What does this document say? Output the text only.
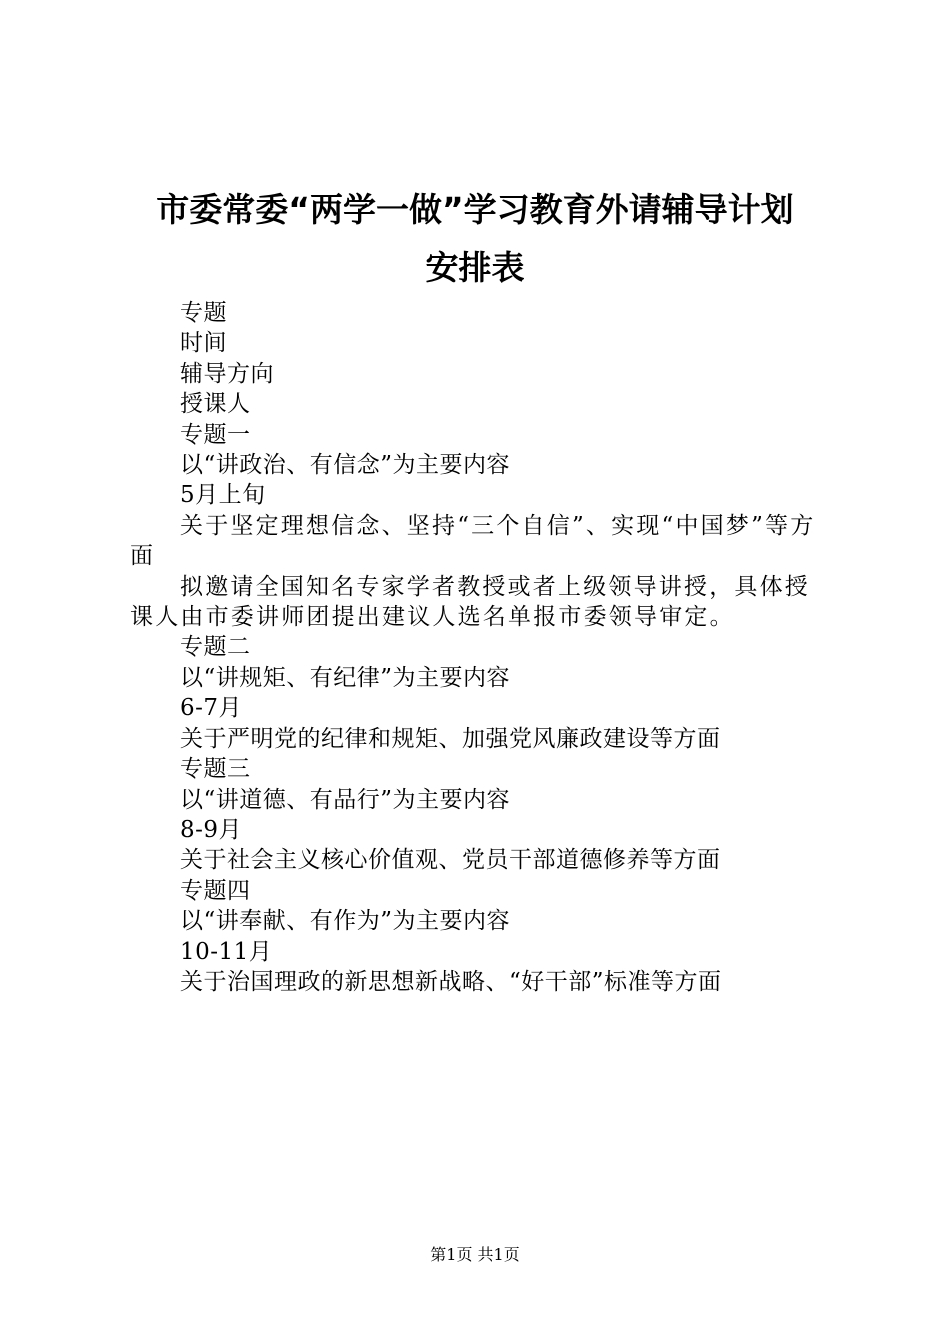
市委常委“两学一做”学习教育外请辅导计划
安排表

专题

时间

辅导方向

授课人

专题一

以“讲政治、有信念”为主要内容

5月上旬

关于坚定理想信念、坚持“三个自信”、实现“中国梦”等方面

拟邀请全国知名专家学者教授或者上级领导讲授，具体授课人由市委讲师团提出建议人选名单报市委领导审定。

专题二

以“讲规矩、有纪律”为主要内容

6-7月

关于严明党的纪律和规矩、加强党风廉政建设等方面

专题三

以“讲道德、有品行”为主要内容

8-9月

关于社会主义核心价值观、党员干部道德修养等方面

专题四

以“讲奉献、有作为”为主要内容

10-11月

关于治国理政的新思想新战略、“好干部”标准等方面

第1页 共1页
